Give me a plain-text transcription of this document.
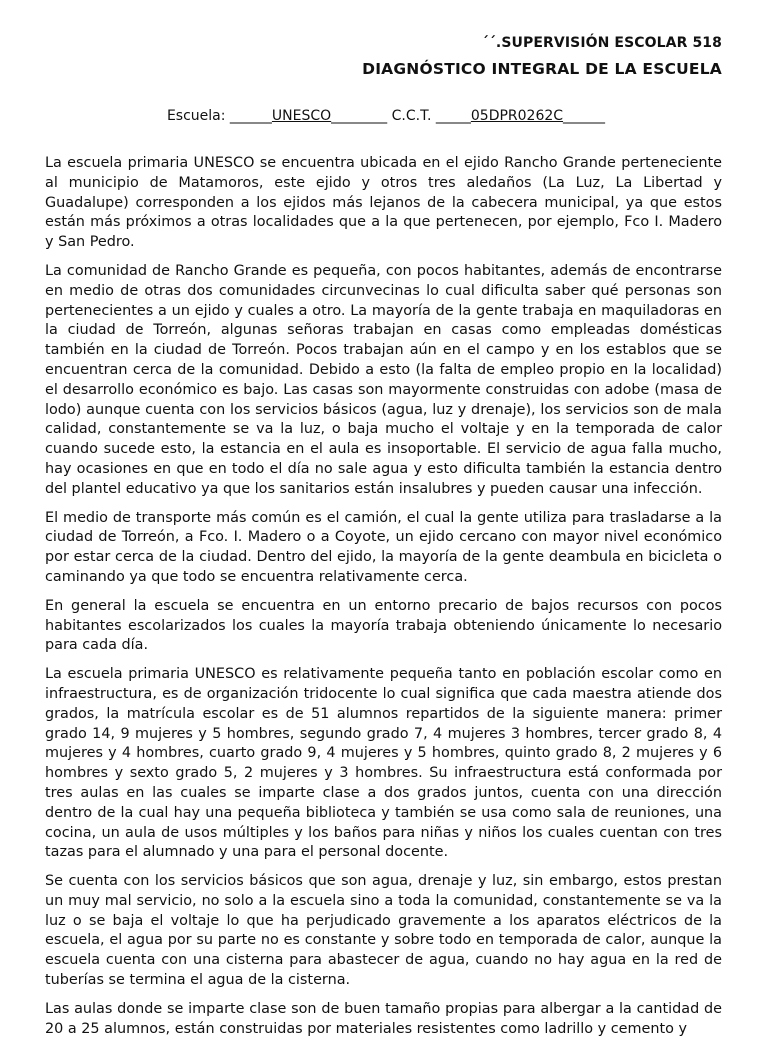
´´.SUPERVISIÓN ESCOLAR 518
DIAGNÓSTICO INTEGRAL DE LA ESCUELA
Escuela: ______UNESCO________ C.C.T. _____05DPR0262C______

La escuela primaria UNESCO se encuentra ubicada en el ejido Rancho Grande perteneciente al municipio de Matamoros, este ejido y otros tres aledaños (La Luz, La Libertad y Guadalupe) corresponden a los ejidos más lejanos de la cabecera municipal, ya que estos están más próximos a otras localidades que a la que pertenecen, por ejemplo, Fco I. Madero y San Pedro.

La comunidad de Rancho Grande es pequeña, con pocos habitantes, además de encontrarse en medio de otras dos comunidades circunvecinas lo cual dificulta saber qué personas son pertenecientes a un ejido y cuales a otro. La mayoría de la gente trabaja en maquiladoras en la ciudad de Torreón, algunas señoras trabajan en casas como empleadas domésticas también en la ciudad de Torreón. Pocos trabajan aún en el campo y en los establos que se encuentran cerca de la comunidad. Debido a esto (la falta de empleo propio en la localidad) el desarrollo económico es bajo. Las casas son mayormente construidas con adobe (masa de lodo) aunque cuenta con los servicios básicos (agua, luz y drenaje), los servicios son de mala calidad, constantemente se va la luz, o baja mucho el voltaje y en la temporada de calor cuando sucede esto, la estancia en el aula es insoportable. El servicio de agua falla mucho, hay ocasiones en que en todo el día no sale agua y esto dificulta también la estancia dentro del plantel educativo ya que los sanitarios están insalubres y pueden causar una infección.

El medio de transporte más común es el camión, el cual la gente utiliza para trasladarse a la ciudad de Torreón, a Fco. I. Madero o a Coyote, un ejido cercano con mayor nivel económico por estar cerca de la ciudad. Dentro del ejido, la mayoría de la gente deambula en bicicleta o caminando ya que todo se encuentra relativamente cerca.

En general la escuela se encuentra en un entorno precario de bajos recursos con pocos habitantes escolarizados los cuales la mayoría trabaja obteniendo únicamente lo necesario para cada día.

La escuela primaria UNESCO es relativamente pequeña tanto en población escolar como en infraestructura, es de organización tridocente lo cual significa que cada maestra atiende dos grados, la matrícula escolar es de 51 alumnos repartidos de la siguiente manera: primer grado 14, 9 mujeres y 5 hombres, segundo grado 7, 4 mujeres 3 hombres, tercer grado 8, 4 mujeres y 4 hombres, cuarto grado 9, 4 mujeres y 5 hombres, quinto grado 8, 2 mujeres y 6 hombres y sexto grado 5, 2 mujeres y 3 hombres. Su infraestructura está conformada por tres aulas en las cuales se imparte clase a dos grados juntos, cuenta con una dirección dentro de la cual hay una pequeña biblioteca y también se usa como sala de reuniones, una cocina, un aula de usos múltiples y los baños para niñas y niños los cuales cuentan con tres tazas para el alumnado y una para el personal docente.

Se cuenta con los servicios básicos que son agua, drenaje y luz, sin embargo, estos prestan un muy mal servicio, no solo a la escuela sino a toda la comunidad, constantemente se va la luz o se baja el voltaje lo que ha perjudicado gravemente a los aparatos eléctricos de la escuela, el agua por su parte no es constante y sobre todo en temporada de calor, aunque la escuela cuenta con una cisterna para abastecer de agua, cuando no hay agua en la red de tuberías se termina el agua de la cisterna.

Las aulas donde se imparte clase son de buen tamaño propias para albergar a la cantidad de 20 a 25 alumnos, están construidas por materiales resistentes como ladrillo y cemento y
